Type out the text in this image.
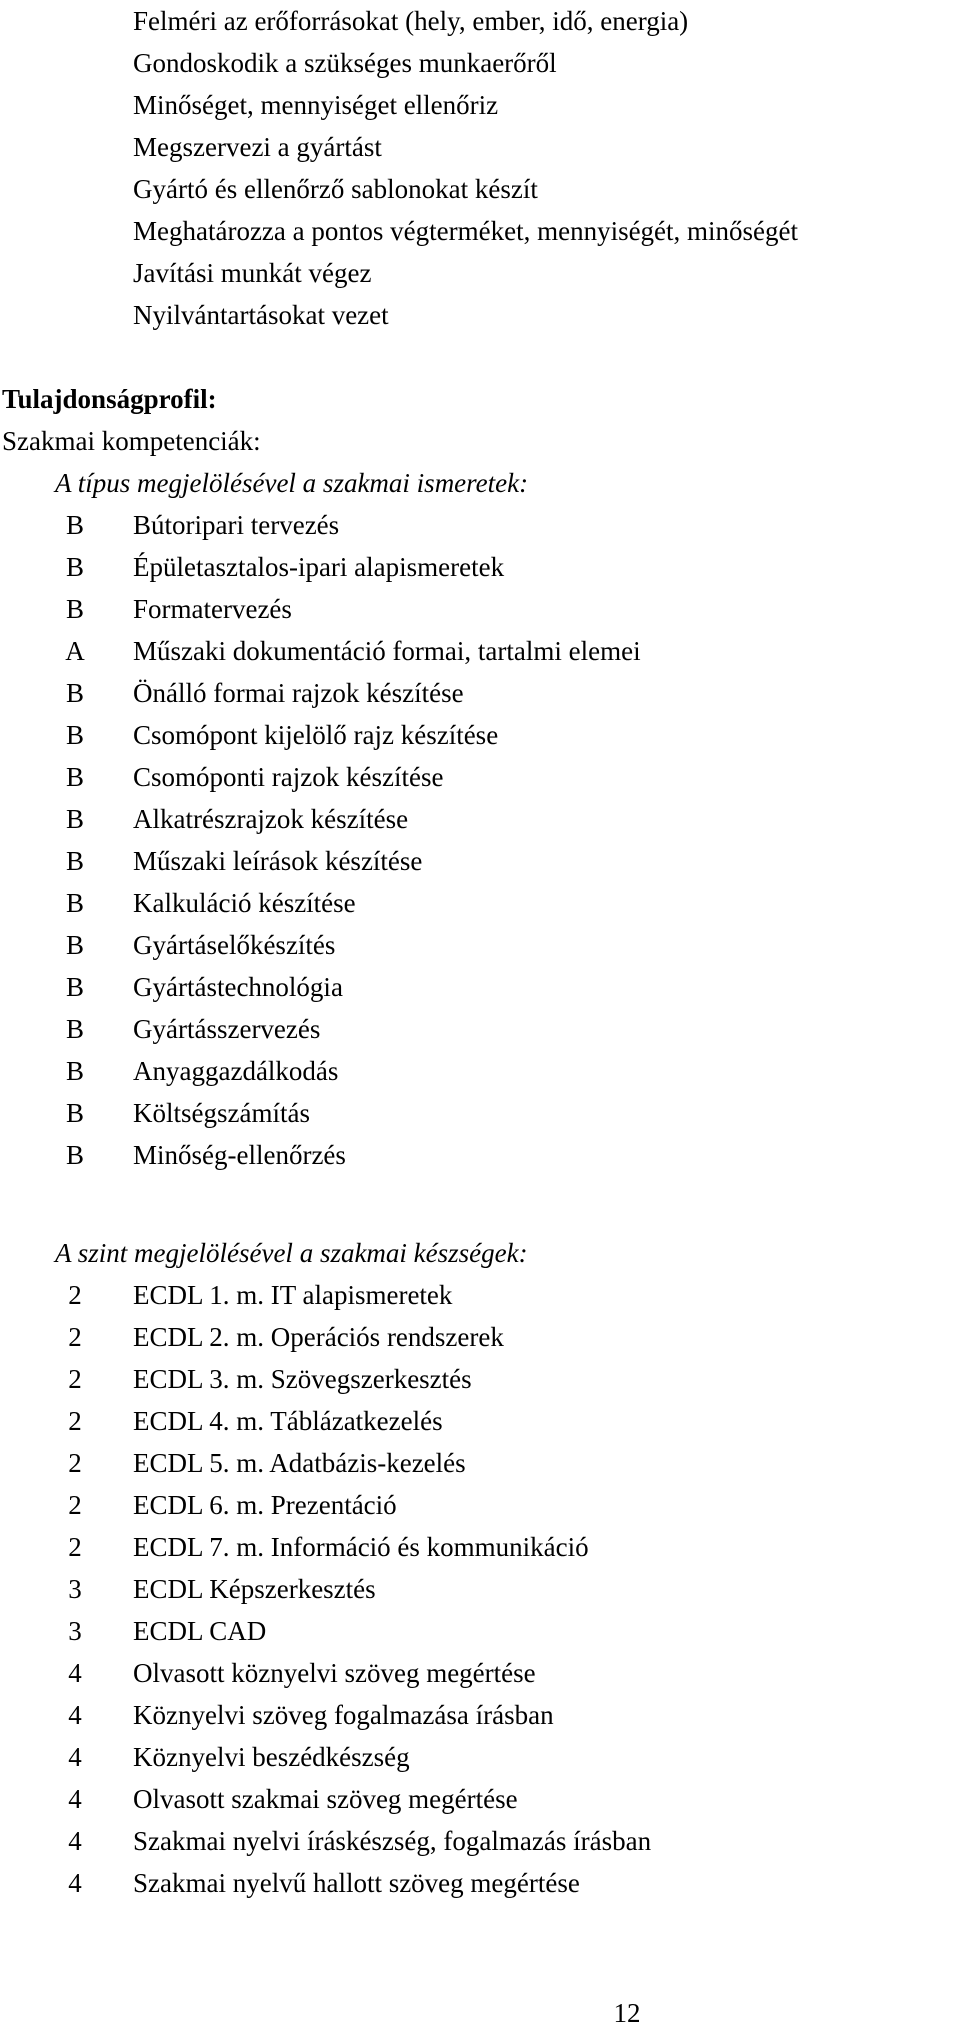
Felméri az erőforrásokat (hely, ember, idő, energia)
Gondoskodik a szükséges munkaerőről
Minőséget, mennyiséget ellenőriz
Megszervezi a gyártást
Gyártó és ellenőrző sablonokat készít
Meghatározza a pontos végterméket, mennyiségét, minőségét
Javítási munkát végez
Nyilvántartásokat vezet
Tulajdonságprofil:
Szakmai kompetenciák:
A típus megjelölésével a szakmai ismeretek:
B	Bútoripari tervezés
B	Épületasztalos-ipari alapismeretek
B	Formatervezés
A	Műszaki dokumentáció formai, tartalmi elemei
B	Önálló formai rajzok készítése
B	Csomópont kijelölő rajz készítése
B	Csomóponti rajzok készítése
B	Alkatrészrajzok készítése
B	Műszaki leírások készítése
B	Kalkuláció készítése
B	Gyártáselőkészítés
B	Gyártástechnológia
B	Gyártásszervezés
B	Anyaggazdálkodás
B	Költségszámítás
B	Minőség-ellenőrzés
A szint megjelölésével a szakmai készségek:
2	ECDL 1. m. IT alapismeretek
2	ECDL 2. m. Operációs rendszerek
2	ECDL 3. m. Szövegszerkesztés
2	ECDL 4. m. Táblázatkezelés
2	ECDL 5. m. Adatbázis-kezelés
2	ECDL 6. m. Prezentáció
2	ECDL 7. m. Információ és kommunikáció
3	ECDL Képszerkesztés
3	ECDL CAD
4	Olvasott köznyelvi szöveg megértése
4	Köznyelvi szöveg fogalmazása írásban
4	Köznyelvi beszédkészség
4	Olvasott szakmai szöveg megértése
4	Szakmai nyelvi íráskészség, fogalmazás írásban
4	Szakmai nyelvű hallott szöveg megértése
12
